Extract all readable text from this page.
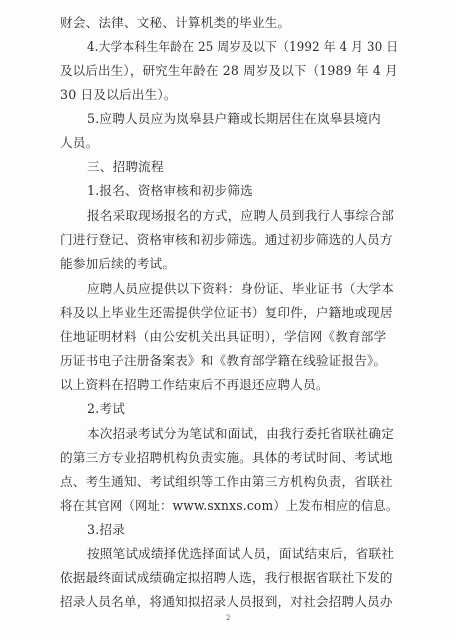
财会、法律、文秘、计算机类的毕业生。
4.大学本科生年龄在 25 周岁及以下（1992 年 4 月 30 日
及以后出生），研究生年龄在 28 周岁及以下（1989 年 4 月
30 日及以后出生）。
5.应聘人员应为岚皋县户籍或长期居住在岚皋县境内
人员。
三、招聘流程
1.报名、资格审核和初步筛选
报名采取现场报名的方式，应聘人员到我行人事综合部
门进行登记、资格审核和初步筛选。通过初步筛选的人员方
能参加后续的考试。
应聘人员应提供以下资料：身份证、毕业证书（大学本
科及以上毕业生还需提供学位证书）复印件，户籍地或现居
住地证明材料（由公安机关出具证明），学信网《教育部学
历证书电子注册备案表》和《教育部学籍在线验证报告》。
以上资料在招聘工作结束后不再退还应聘人员。
2.考试
本次招录考试分为笔试和面试，由我行委托省联社确定
的第三方专业招聘机构负责实施。具体的考试时间、考试地
点、考生通知、考试组织等工作由第三方机构负责，省联社
将在其官网（网址：www.sxnxs.com）上发布相应的信息。
3.招录
按照笔试成绩择优选择面试人员，面试结束后，省联社
依据最终面试成绩确定拟招聘人选，我行根据省联社下发的
招录人员名单，将通知拟招录人员报到，对社会招聘人员办
2
